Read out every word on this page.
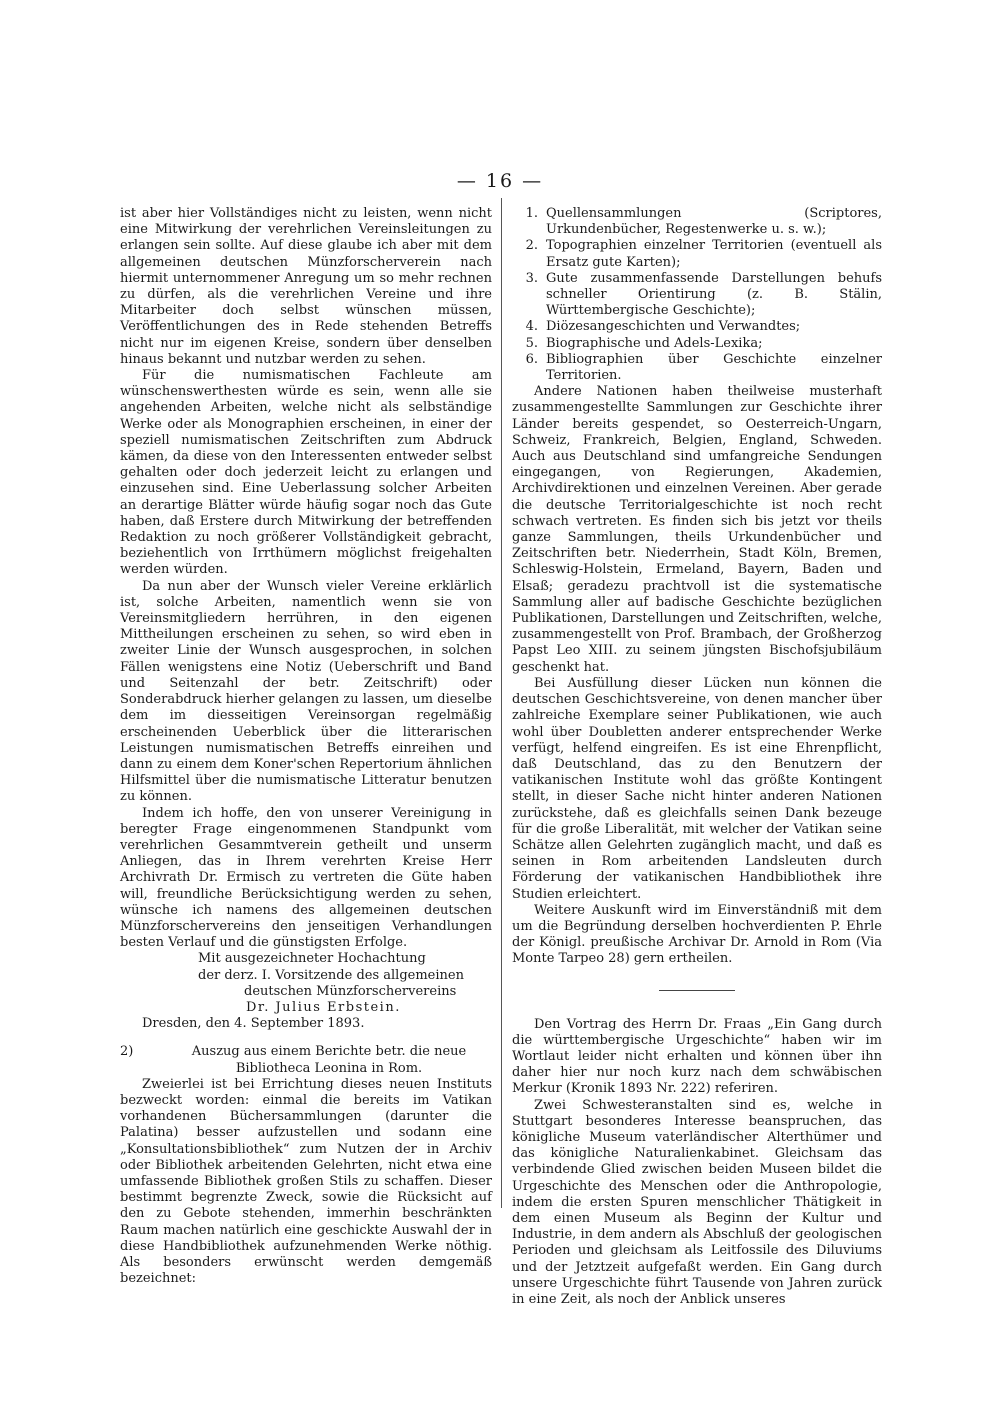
— 16 —

ist aber hier Vollständiges nicht zu leisten, wenn nicht eine Mitwirkung der verehrlichen Vereinsleitungen zu erlangen sein sollte. Auf diese glaube ich aber mit dem allgemeinen deutschen Münzforscherverein nach hiermit unternommener Anregung um so mehr rechnen zu dürfen, als die verehrlichen Vereine und ihre Mitarbeiter doch selbst wünschen müssen, Veröffentlichungen des in Rede stehenden Betreffs nicht nur im eigenen Kreise, sondern über denselben hinaus bekannt und nutzbar werden zu sehen.

Für die numismatischen Fachleute am wünschenswerthesten würde es sein, wenn alle sie angehenden Arbeiten, welche nicht als selbständige Werke oder als Monographien erscheinen, in einer der speziell numismatischen Zeitschriften zum Abdruck kämen, da diese von den Interessenten entweder selbst gehalten oder doch jederzeit leicht zu erlangen und einzusehen sind. Eine Ueberlassung solcher Arbeiten an derartige Blätter würde häufig sogar noch das Gute haben, daß Erstere durch Mitwirkung der betreffenden Redaktion zu noch größerer Vollständigkeit gebracht, beziehentlich von Irrthümern möglichst freigehalten werden würden.

Da nun aber der Wunsch vieler Vereine erklärlich ist, solche Arbeiten, namentlich wenn sie von Vereinsmitgliedern herrühren, in den eigenen Mittheilungen erscheinen zu sehen, so wird eben in zweiter Linie der Wunsch ausgesprochen, in solchen Fällen wenigstens eine Notiz (Ueberschrift und Band und Seitenzahl der betr. Zeitschrift) oder Sonderabdruck hierher gelangen zu lassen, um dieselbe dem im diesseitigen Vereinsorgan regelmäßig erscheinenden Ueberblick über die litterarischen Leistungen numismatischen Betreffs einreihen und dann zu einem dem Koner'schen Repertorium ähnlichen Hilfsmittel über die numismatische Litteratur benutzen zu können.

Indem ich hoffe, den von unserer Vereinigung in beregter Frage eingenommenen Standpunkt vom verehrlichen Gesammtverein getheilt und unserm Anliegen, das in Ihrem verehrten Kreise Herr Archivrath Dr. Ermisch zu vertreten die Güte haben will, freundliche Berücksichtigung werden zu sehen, wünsche ich namens des allgemeinen deutschen Münzforschervereins den jenseitigen Verhandlungen besten Verlauf und die günstigsten Erfolge.

Mit ausgezeichneter Hochachtung

der derz. I. Vorsitzende des allgemeinen

deutschen Münzforschervereins

Dr. Julius Erbstein.

Dresden, den 4. September 1893.

2)	Auszug aus einem Berichte betr. die neue
Bibliotheca Leonina in Rom.

Zweierlei ist bei Errichtung dieses neuen Instituts bezweckt worden: einmal die bereits im Vatikan vorhandenen Büchersammlungen (darunter die Palatina) besser aufzustellen und sodann eine „Konsultationsbibliothek“ zum Nutzen der in Archiv oder Bibliothek arbeitenden Gelehrten, nicht etwa eine umfassende Bibliothek großen Stils zu schaffen. Dieser bestimmt begrenzte Zweck, sowie die Rücksicht auf den zu Gebote stehenden, immerhin beschränkten Raum machen natürlich eine geschickte Auswahl der in diese Handbibliothek aufzunehmenden Werke nöthig. Als besonders erwünscht werden demgemäß bezeichnet:

1. Quellensammlungen (Scriptores, Urkundenbücher, Regestenwerke u. s. w.);
2. Topographien einzelner Territorien (eventuell als Ersatz gute Karten);
3. Gute zusammenfassende Darstellungen behufs schneller Orientirung (z. B. Stälin, Württembergische Geschichte);
4. Diözesangeschichten und Verwandtes;
5. Biographische und Adels-Lexika;
6. Bibliographien über Geschichte einzelner Territorien.

Andere Nationen haben theilweise musterhaft zusammengestellte Sammlungen zur Geschichte ihrer Länder bereits gespendet, so Oesterreich-Ungarn, Schweiz, Frankreich, Belgien, England, Schweden. Auch aus Deutschland sind umfangreiche Sendungen eingegangen, von Regierungen, Akademien, Archivdirektionen und einzelnen Vereinen. Aber gerade die deutsche Territorialgeschichte ist noch recht schwach vertreten. Es finden sich bis jetzt vor theils ganze Sammlungen, theils Urkundenbücher und Zeitschriften betr. Niederrhein, Stadt Köln, Bremen, Schleswig-Holstein, Ermeland, Bayern, Baden und Elsaß; geradezu prachtvoll ist die systematische Sammlung aller auf badische Geschichte bezüglichen Publikationen, Darstellungen und Zeitschriften, welche, zusammengestellt von Prof. Brambach, der Großherzog Papst Leo XIII. zu seinem jüngsten Bischofsjubiläum geschenkt hat.

Bei Ausfüllung dieser Lücken nun können die deutschen Geschichtsvereine, von denen mancher über zahlreiche Exemplare seiner Publikationen, wie auch wohl über Doubletten anderer entsprechender Werke verfügt, helfend eingreifen. Es ist eine Ehrenpflicht, daß Deutschland, das zu den Benutzern der vatikanischen Institute wohl das größte Kontingent stellt, in dieser Sache nicht hinter anderen Nationen zurückstehe, daß es gleichfalls seinen Dank bezeuge für die große Liberalität, mit welcher der Vatikan seine Schätze allen Gelehrten zugänglich macht, und daß es seinen in Rom arbeitenden Landsleuten durch Förderung der vatikanischen Handbibliothek ihre Studien erleichtert.

Weitere Auskunft wird im Einverständniß mit dem um die Begründung derselben hochverdienten P. Ehrle der Königl. preußische Archivar Dr. Arnold in Rom (Via Monte Tarpeo 28) gern ertheilen.

Den Vortrag des Herrn Dr. Fraas „Ein Gang durch die württembergische Urgeschichte“ haben wir im Wortlaut leider nicht erhalten und können über ihn daher hier nur noch kurz nach dem schwäbischen Merkur (Kronik 1893 Nr. 222) referiren.

Zwei Schwesteranstalten sind es, welche in Stuttgart besonderes Interesse beanspruchen, das königliche Museum vaterländischer Alterthümer und das königliche Naturalienkabinet. Gleichsam das verbindende Glied zwischen beiden Museen bildet die Urgeschichte des Menschen oder die Anthropologie, indem die ersten Spuren menschlicher Thätigkeit in dem einen Museum als Beginn der Kultur und Industrie, in dem andern als Abschluß der geologischen Perioden und gleichsam als Leitfossile des Diluviums und der Jetztzeit aufgefaßt werden. Ein Gang durch unsere Urgeschichte führt Tausende von Jahren zurück in eine Zeit, als noch der Anblick unseres
